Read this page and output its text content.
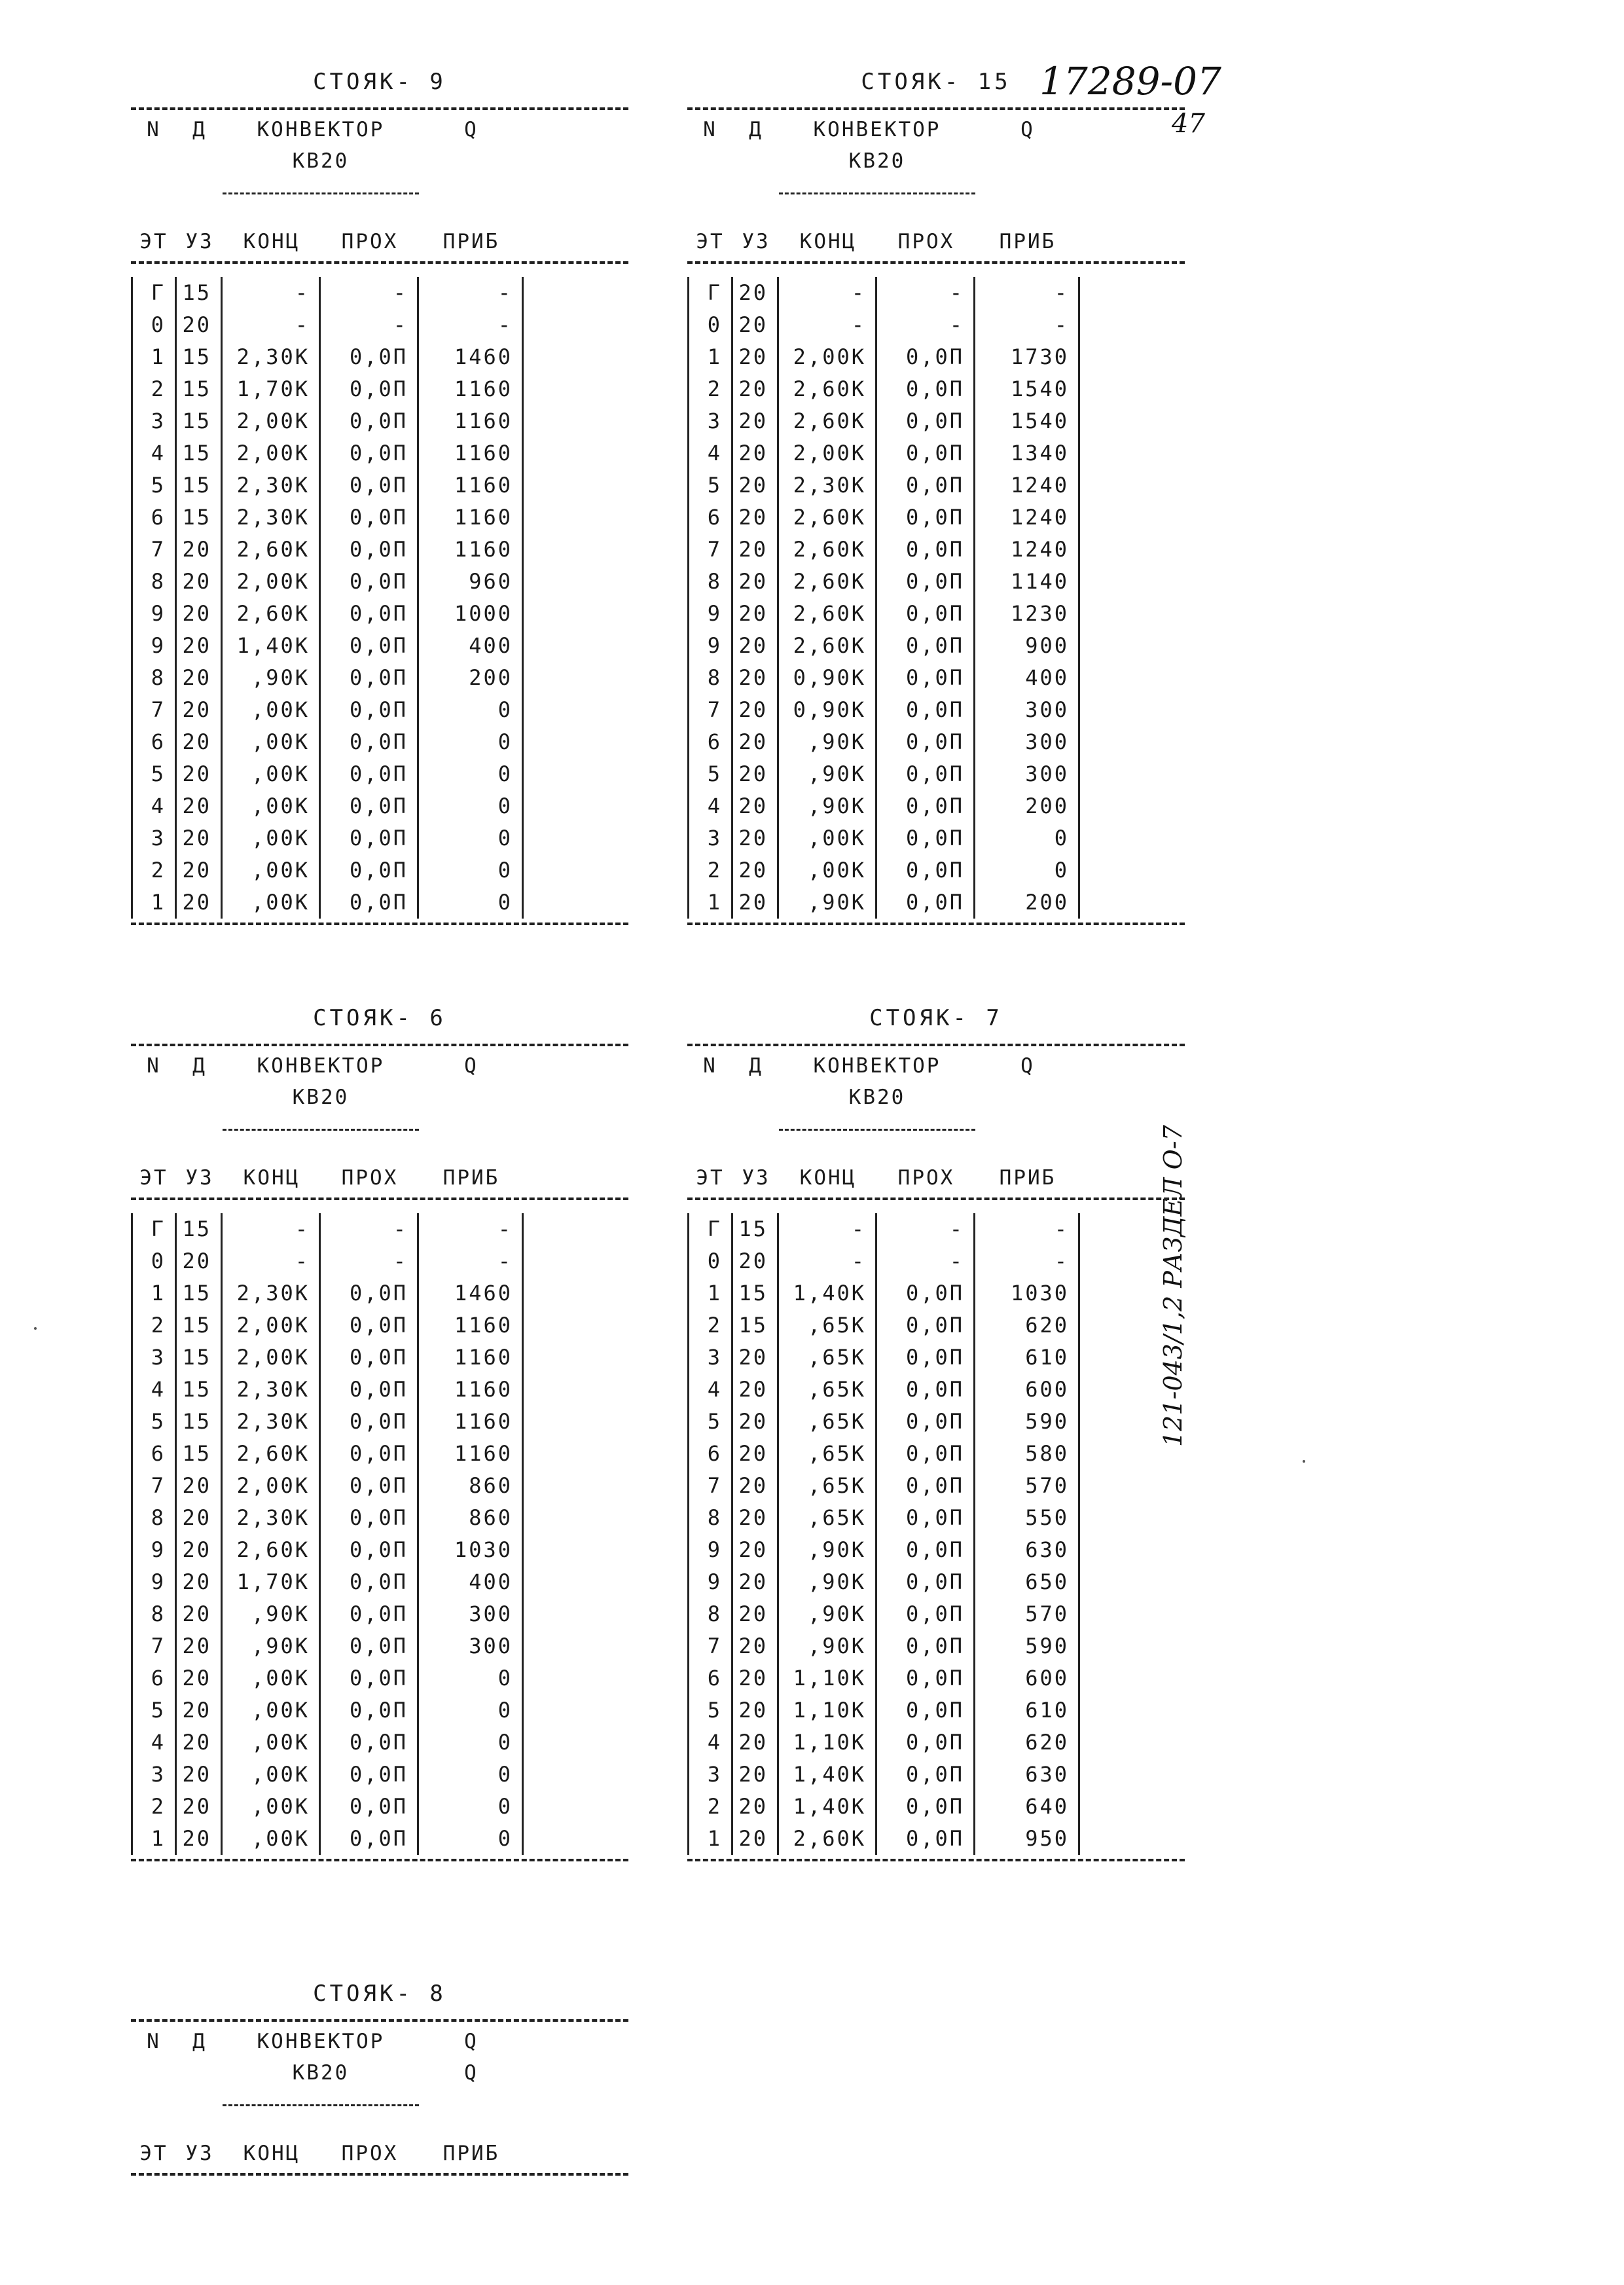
17289-07
47
121-043/1,2 РАЗДЕЛ О-7
СТОЯК- 9
N	Д	КОНВЕКТОР	Q
КВ20
ЭТ УЗ	КОНЦ	ПРОХ	ПРИБ
Г 15	-	-	-
0 20	-	-	-
1 15	2,30К	0,0П	1460
2 15	1,70К	0,0П	1160
3 15	2,00К	0,0П	1160
4 15	2,00К	0,0П	1160
5 15	2,30К	0,0П	1160
6 15	2,30К	0,0П	1160
7 20	2,60К	0,0П	1160
8 20	2,00К	0,0П	960
9 20	2,60К	0,0П	1000
9 20	1,40К	0,0П	400
8 20	,90К	0,0П	200
7 20	,00К	0,0П	0
6 20	,00К	0,0П	0
5 20	,00К	0,0П	0
4 20	,00К	0,0П	0
3 20	,00К	0,0П	0
2 20	,00К	0,0П	0
1 20	,00К	0,0П	0
СТОЯК- 15
N	Д	КОНВЕКТОР	Q
КВ20
ЭТ УЗ	КОНЦ	ПРОХ	ПРИБ
Г 20	-	-	-
0 20	-	-	-
1 20	2,00К	0,0П	1730
2 20	2,60К	0,0П	1540
3 20	2,60К	0,0П	1540
4 20	2,00К	0,0П	1340
5 20	2,30К	0,0П	1240
6 20	2,60К	0,0П	1240
7 20	2,60К	0,0П	1240
8 20	2,60К	0,0П	1140
9 20	2,60К	0,0П	1230
9 20	2,60К	0,0П	900
8 20	0,90К	0,0П	400
7 20	0,90К	0,0П	300
6 20	,90К	0,0П	300
5 20	,90К	0,0П	300
4 20	,90К	0,0П	200
3 20	,00К	0,0П	0
2 20	,00К	0,0П	0
1 20	,90К	0,0П	200
СТОЯК- 6
N	Д	КОНВЕКТОР	Q
КВ20
ЭТ УЗ	КОНЦ	ПРОХ	ПРИБ
Г 15	-	-	-
0 20	-	-	-
1 15	2,30К	0,0П	1460
2 15	2,00К	0,0П	1160
3 15	2,00К	0,0П	1160
4 15	2,30К	0,0П	1160
5 15	2,30К	0,0П	1160
6 15	2,60К	0,0П	1160
7 20	2,00К	0,0П	860
8 20	2,30К	0,0П	860
9 20	2,60К	0,0П	1030
9 20	1,70К	0,0П	400
8 20	,90К	0,0П	300
7 20	,90К	0,0П	300
6 20	,00К	0,0П	0
5 20	,00К	0,0П	0
4 20	,00К	0,0П	0
3 20	,00К	0,0П	0
2 20	,00К	0,0П	0
1 20	,00К	0,0П	0
СТОЯК- 7
N	Д	КОНВЕКТОР	Q
КВ20
ЭТ УЗ	КОНЦ	ПРОХ	ПРИБ
Г 15	-	-	-
0 20	-	-	-
1 15	1,40К	0,0П	1030
2 15	,65К	0,0П	620
3 20	,65К	0,0П	610
4 20	,65К	0,0П	600
5 20	,65К	0,0П	590
6 20	,65К	0,0П	580
7 20	,65К	0,0П	570
8 20	,65К	0,0П	550
9 20	,90К	0,0П	630
9 20	,90К	0,0П	650
8 20	,90К	0,0П	570
7 20	,90К	0,0П	590
6 20	1,10К	0,0П	600
5 20	1,10К	0,0П	610
4 20	1,10К	0,0П	620
3 20	1,40К	0,0П	630
2 20	1,40К	0,0П	640
1 20	2,60К	0,0П	950
СТОЯК- 8
N	Д	КОНВЕКТОР	Q
КВ20	Q
ЭТ УЗ	КОНЦ	ПРОХ	ПРИБ
